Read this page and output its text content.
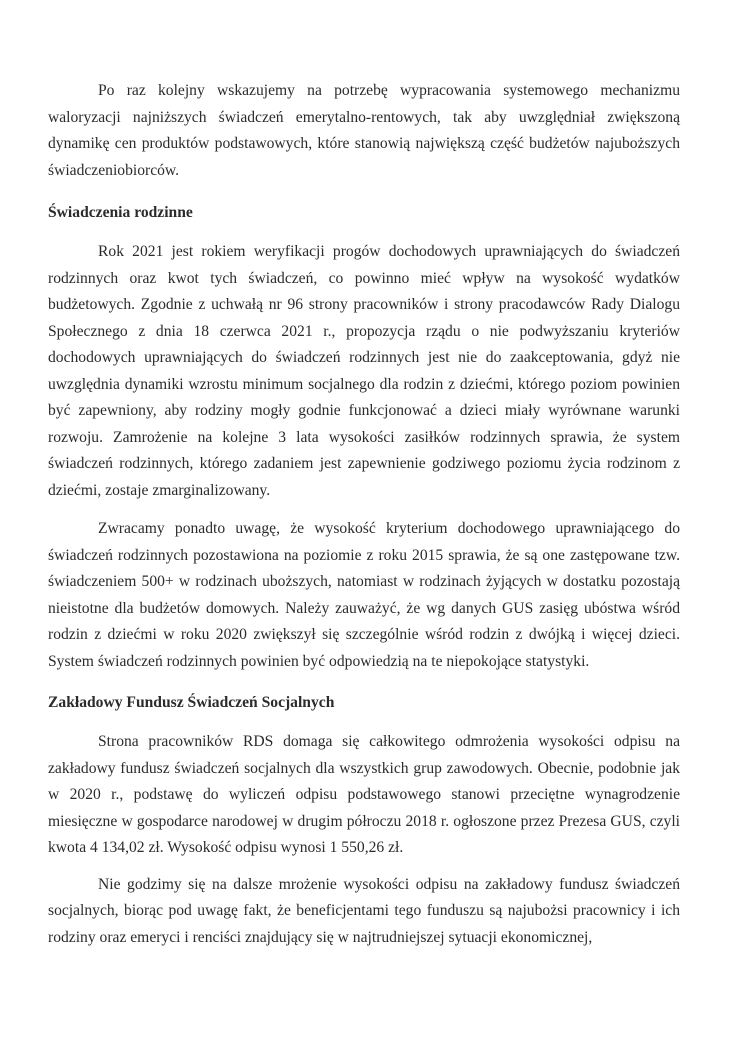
Po raz kolejny wskazujemy na potrzebę wypracowania systemowego mechanizmu waloryzacji najniższych świadczeń emerytalno-rentowych, tak aby uwzględniał zwiększoną dynamikę cen produktów podstawowych, które stanowią największą część budżetów najuboższych świadczeniobiorców.

Świadczenia rodzinne

Rok 2021 jest rokiem weryfikacji progów dochodowych uprawniających do świadczeń rodzinnych oraz kwot tych świadczeń, co powinno mieć wpływ na wysokość wydatków budżetowych. Zgodnie z uchwałą nr 96 strony pracowników i strony pracodawców Rady Dialogu Społecznego z dnia 18 czerwca 2021 r., propozycja rządu o nie podwyższaniu kryteriów dochodowych uprawniających do świadczeń rodzinnych jest nie do zaakceptowania, gdyż nie uwzględnia dynamiki wzrostu minimum socjalnego dla rodzin z dziećmi, którego poziom powinien być zapewniony, aby rodziny mogły godnie funkcjonować a dzieci miały wyrównane warunki rozwoju. Zamrożenie na kolejne 3 lata wysokości zasiłków rodzinnych sprawia, że system świadczeń rodzinnych, którego zadaniem jest zapewnienie godziwego poziomu życia rodzinom z dziećmi, zostaje zmarginalizowany.

Zwracamy ponadto uwagę, że wysokość kryterium dochodowego uprawniającego do świadczeń rodzinnych pozostawiona na poziomie z roku 2015 sprawia, że są one zastępowane tzw. świadczeniem 500+ w rodzinach uboższych, natomiast w rodzinach żyjących w dostatku pozostają nieistotne dla budżetów domowych. Należy zauważyć, że wg danych GUS zasięg ubóstwa wśród rodzin z dziećmi w roku 2020 zwiększył się szczególnie wśród rodzin z dwójką i więcej dzieci. System świadczeń rodzinnych powinien być odpowiedzią na te niepokojące statystyki.

Zakładowy Fundusz Świadczeń Socjalnych

Strona pracowników RDS domaga się całkowitego odmrożenia wysokości odpisu na zakładowy fundusz świadczeń socjalnych dla wszystkich grup zawodowych. Obecnie, podobnie jak w 2020 r., podstawę do wyliczeń odpisu podstawowego stanowi przeciętne wynagrodzenie miesięczne w gospodarce narodowej w drugim półroczu 2018 r. ogłoszone przez Prezesa GUS, czyli kwota 4 134,02 zł. Wysokość odpisu wynosi 1 550,26 zł.

Nie godzimy się na dalsze mrożenie wysokości odpisu na zakładowy fundusz świadczeń socjalnych, biorąc pod uwagę fakt, że beneficjentami tego funduszu są najubożsi pracownicy i ich rodziny oraz emeryci i renciści znajdujący się w najtrudniejszej sytuacji ekonomicznej,
